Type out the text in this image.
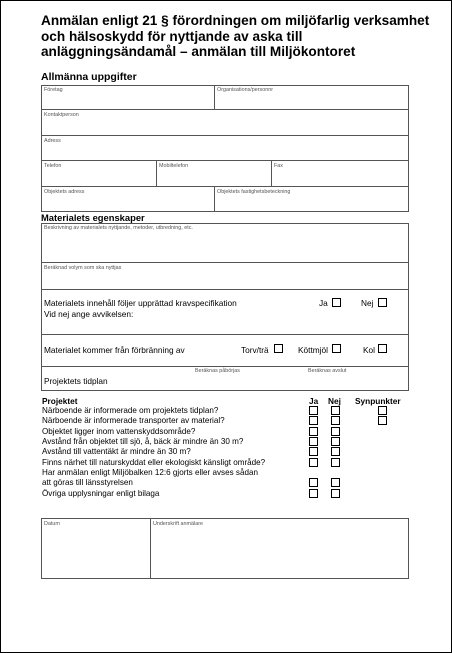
Anmälan enligt 21 § förordningen om miljöfarlig verksamhet och hälsoskydd för nyttjande av aska till anläggningsändamål – anmälan till Miljökontoret
Allmänna uppgifter
Företag	Organisations/personnr
Kontaktperson
Adress
Telefon	Mobiltelefon	Fax
Objektets adress	Objektets fastighetsbeteckning
Materialets egenskaper
Beskrivning av materialets nyttjande, metoder, utbredning, etc.
Beräknad volym som ska nyttjas
Materialets innehåll följer upprättad kravspecifikation	Ja	Nej
Vid nej ange avvikelsen:
Materialet kommer från förbränning av	Torv/trä	Köttmjöl	Kol
Beräknas påbörjas	Beräknas avslut
Projektets tidplan
Projektet	Ja Nej Synpunkter
Närboende är informerade om projektets tidplan?
Närboende är informerade transporter av material?
Objektet ligger inom vattenskyddsområde?
Avstånd från objektet till sjö, å, bäck är mindre än 30 m?
Avstånd till vattentäkt är mindre än 30 m?
Finns närhet till naturskyddat eller ekologiskt känsligt område?
Har anmälan enligt Miljöbalken 12:6 gjorts eller avses sådan
att göras till länsstyrelsen
Övriga upplysningar enligt bilaga
Datum	Underskrift anmälare
